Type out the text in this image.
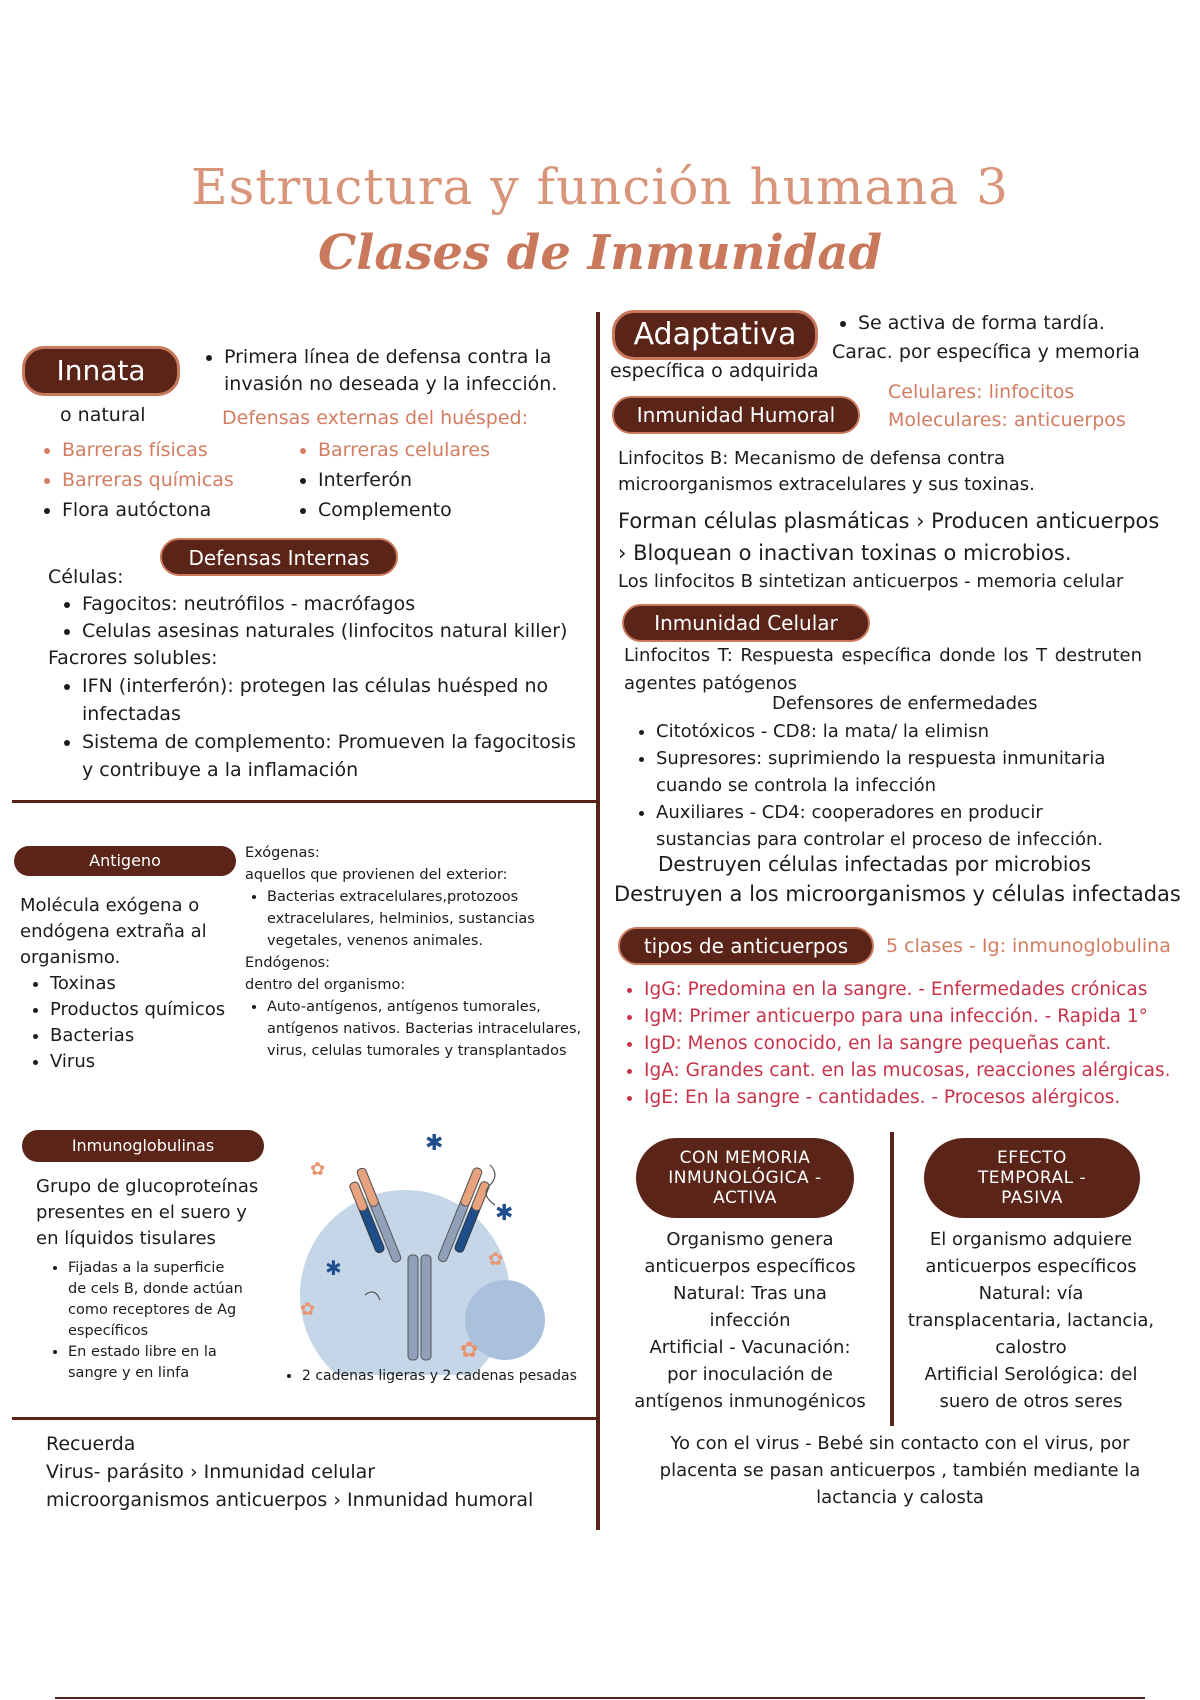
Estructura y función humana 3
Clases de Inmunidad
Innata
o natural
• Primera línea de defensa contra la invasión no deseada y la infección.
Defensas externas del huésped:
• Barreras físicas
• Barreras químicas
• Flora autóctona
• Barreras celulares
• Interferón
• Complemento
Defensas Internas
Células:
• Fagocitos: neutrófilos - macrófagos
• Celulas asesinas naturales (linfocitos natural killer)
Facrores solubles:
• IFN (interferón): protegen las células huésped no infectadas
• Sistema de complemento: Promueven la fagocitosis y contribuye a la inflamación
Antigeno
Molécula exógena o endógena extraña al organismo.
• Toxinas
• Productos químicos
• Bacterias
• Virus
Exógenas:
aquellos que provienen del exterior:
• Bacterias extracelulares,protozoos extracelulares, helminios, sustancias vegetales, venenos animales.
Endógenos:
dentro del organismo:
• Auto-antígenos, antígenos tumorales, antígenos nativos. Bacterias intracelulares, virus, celulas tumorales y transplantados
Inmunoglobulinas
Grupo de glucoproteínas presentes en el suero y en líquidos tisulares
• Fijadas a la superficie de cels B, donde actúan como receptores de Ag específicos
• En estado libre en la sangre y en linfa
✱
✱
✱
✿
✿
✿
✿
• 2 cadenas ligeras y 2 cadenas pesadas
Recuerda
Virus- parásito › Inmunidad celular
microorganismos anticuerpos › Inmunidad humoral
Adaptativa
específica o adquirida
• Se activa de forma tardía.
Carac. por específica y memoria
Celulares: linfocitos
Moleculares: anticuerpos
Inmunidad Humoral
Linfocitos B: Mecanismo de defensa contra microorganismos extracelulares y sus toxinas.
Forman células plasmáticas › Producen anticuerpos
› Bloquean o inactivan toxinas o microbios.
Los linfocitos B sintetizan anticuerpos - memoria celular
Inmunidad Celular
Linfocitos T: Respuesta específica donde los T destruten agentes patógenos
Defensores de enfermedades
• Citotóxicos - CD8: la mata/ la elimisn
• Supresores: suprimiendo la respuesta inmunitaria cuando se controla la infección
• Auxiliares - CD4: cooperadores en producir sustancias para controlar el proceso de infección.
Destruyen células infectadas por microbios
Destruyen a los microorganismos y células infectadas
tipos de anticuerpos	5 clases - Ig: inmunoglobulina
• IgG: Predomina en la sangre. - Enfermedades crónicas
• IgM: Primer anticuerpo para una infección. - Rapida 1°
• IgD: Menos conocido, en la sangre pequeñas cant.
• IgA: Grandes cant. en las mucosas, reacciones alérgicas.
• IgE: En la sangre - cantidades. - Procesos alérgicos.
CON MEMORIA INMUNOLÓGICA - ACTIVA
Organismo genera
anticuerpos específicos
Natural: Tras una
infección
Artificial - Vacunación:
por inoculación de
antígenos inmunogénicos
EFECTO TEMPORAL - PASIVA
El organismo adquiere
anticuerpos específicos
Natural: vía
transplacentaria, lactancia,
calostro
Artificial Serológica: del
suero de otros seres
Yo con el virus - Bebé sin contacto con el virus, por placenta se pasan anticuerpos , también mediante la lactancia y calosta
